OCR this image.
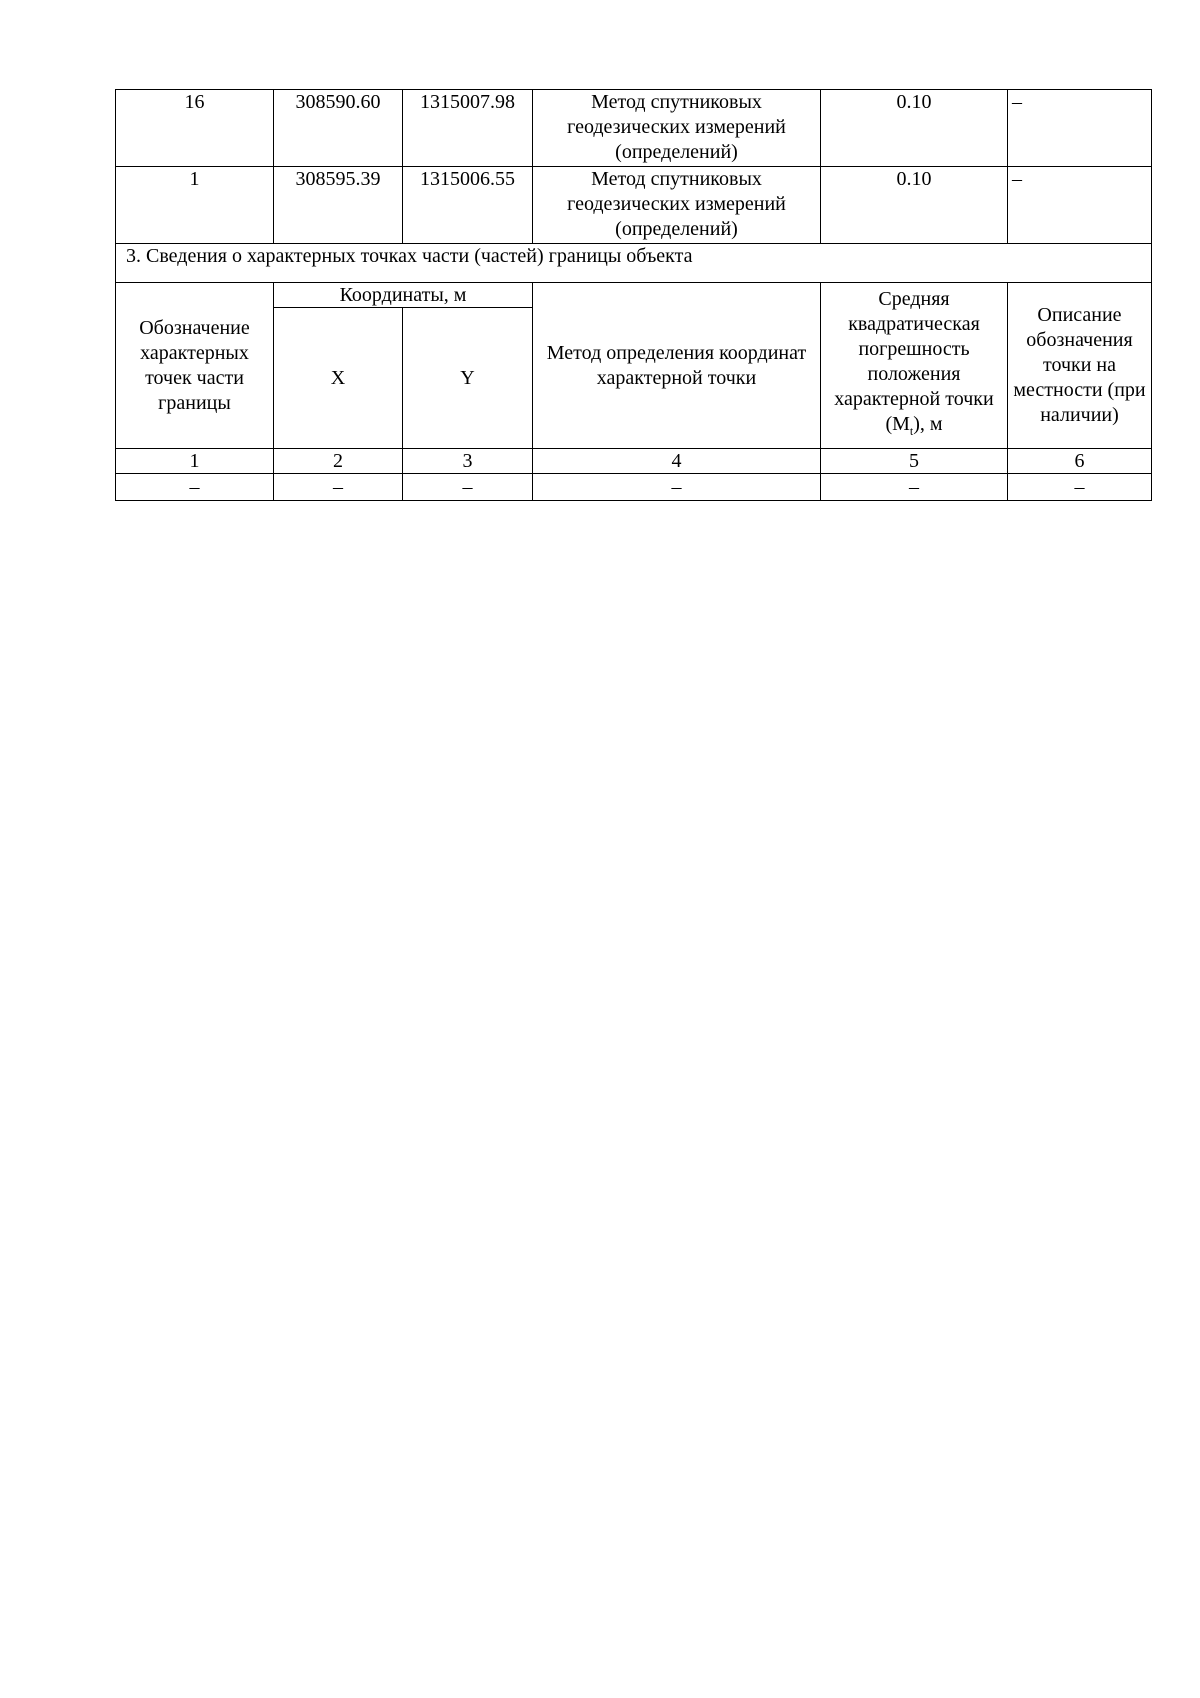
16	308590.60	1315007.98	Метод спутниковых геодезических измерений (определений)	0.10	–
1	308595.39	1315006.55	Метод спутниковых геодезических измерений (определений)	0.10	–
3. Сведения о характерных точках части (частей) границы объекта					
Обозначение характерных точек части границы	Координаты, м		Метод определения координат характерной точки	Средняя квадратическая погрешность положения характерной точки $(M_t)$, м	Описание обозначения точки на местности (при наличии)
	X	Y			
1	2	3	4	5	6
–	–	–	–	–	–
